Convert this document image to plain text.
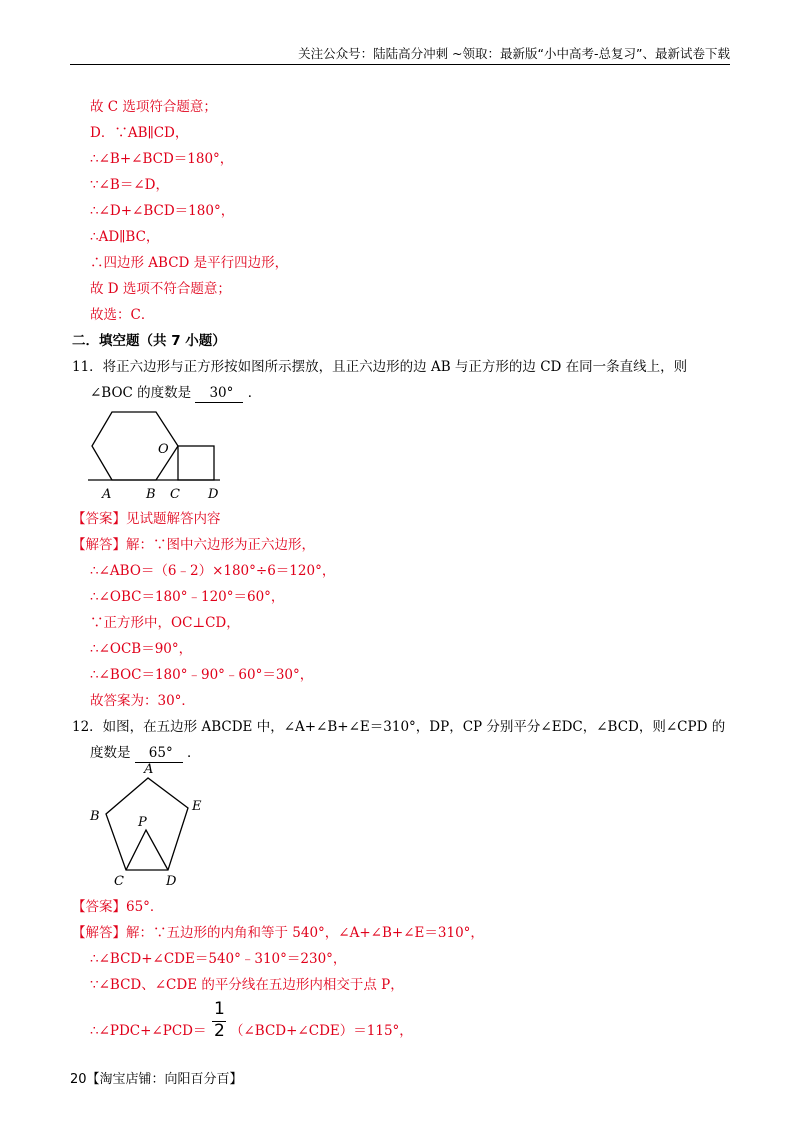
关注公众号：陆陆高分冲刺 ~领取：最新版“小中高考-总复习”、最新试卷下载
故 C 选项符合题意；
D．∵AB∥CD，
∴∠B+∠BCD＝180°，
∵∠B＝∠D，
∴∠D+∠BCD＝180°，
∴AD∥BC，
∴四边形 ABCD 是平行四边形，
故 D 选项不符合题意；
故选：C．
二．填空题（共 7 小题）
11．将正六边形与正方形按如图所示摆放，且正六边形的边 AB 与正方形的边 CD 在同一条直线上，则
∠BOC 的度数是 30° ．
O
A	B C D
【答案】见试题解答内容
【解答】解：∵图中六边形为正六边形，
∴∠ABO＝（6﹣2）×180°÷6＝120°，
∴∠OBC＝180°﹣120°＝60°，
∵正方形中，OC⊥CD，
∴∠OCB＝90°，
∴∠BOC＝180°﹣90°﹣60°＝30°，
故答案为：30°．
12．如图，在五边形 ABCDE 中，∠A+∠B+∠E＝310°，DP，CP 分别平分∠EDC，∠BCD，则∠CPD 的
度数是 65° ．
A
E
B	P
C	D
【答案】65°．
【解答】解：∵五边形的内角和等于 540°，∠A+∠B+∠E＝310°，
∴∠BCD+∠CDE＝540°﹣310°＝230°，
∵∠BCD、∠CDE 的平分线在五边形内相交于点 P，
∴∠PDC+∠PCD＝
1
2 （∠BCD+∠CDE）＝115°，
20【淘宝店铺：向阳百分百】
